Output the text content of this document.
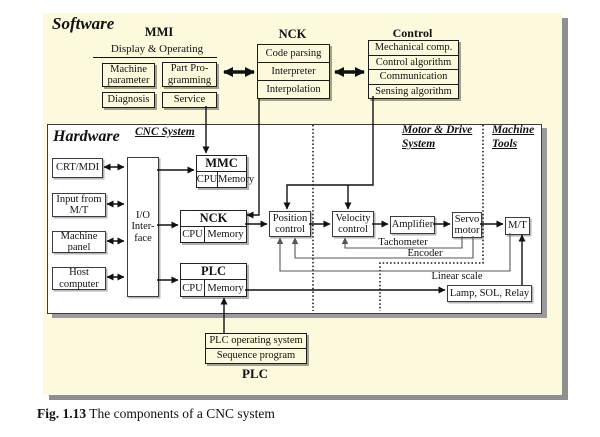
Software	MMI
Display & Operating
Machine parameter
Part Pro- gramming
Diagnosis	Service
NCK
Code parsing
Interpreter
Interpolation
Control
Mechanical comp.
Control algorithm
Communication
Sensing algorithm
Hardware CNC System	Motor & Drive System
Machine Tools
CRT/MDI
Input from M/T
Machine panel
Host computer
I/O Inter- face
MMC
CPU Memory
NCK
CPU Memory
PLC
CPU Memory
Position control
Velocity control	Amplifier
Servo motor	M/T
Lamp, SOL, Relay
Tachometer
Encoder
Linear scale
PLC operating system
Sequence program
PLC
Fig. 1.13 The components of a CNC system
